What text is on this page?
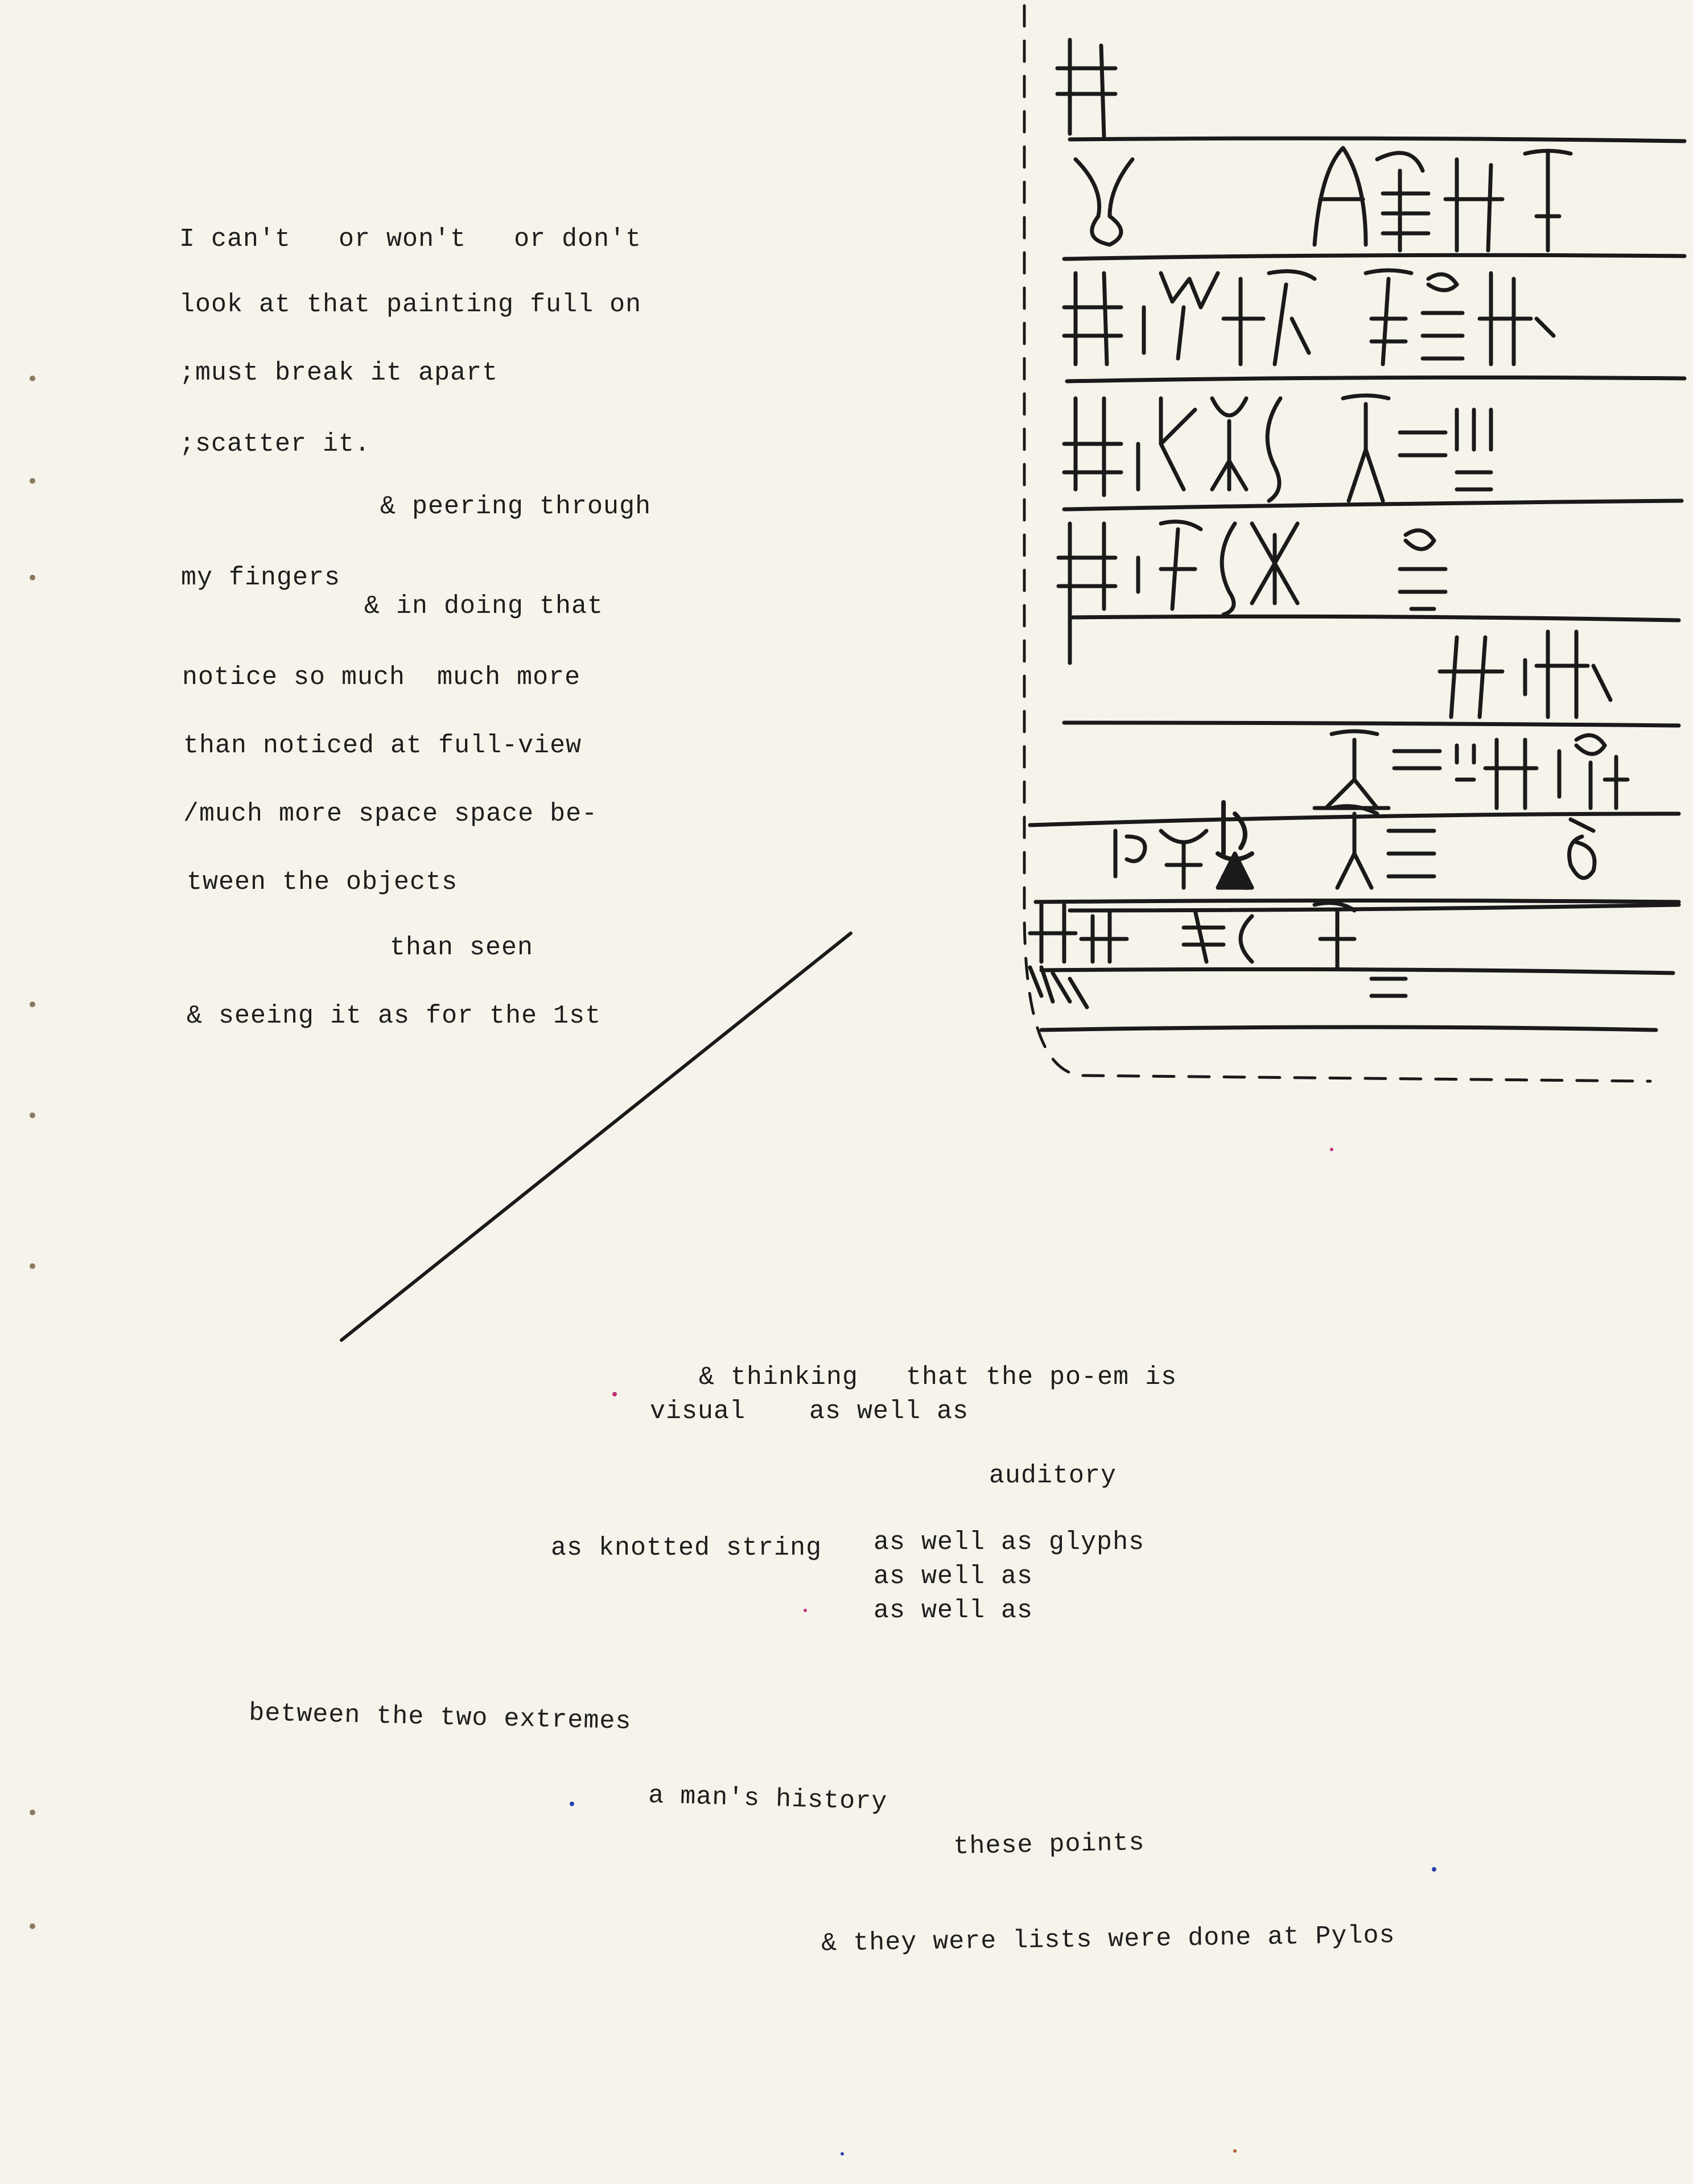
I can't   or won't   or don't
look at that painting full on
;must break it apart
;scatter it.
& peering through
my fingers
& in doing that
notice so much  much more
than noticed at full-view
/much more space space be-
tween the objects
than seen
& seeing it as for the 1st
& thinking   that the po-em is
visual    as well as
auditory
as knotted string as well as glyphs
as well as
as well as
between the two extremes
a man's history
these points
& they were lists were done at Pylos
